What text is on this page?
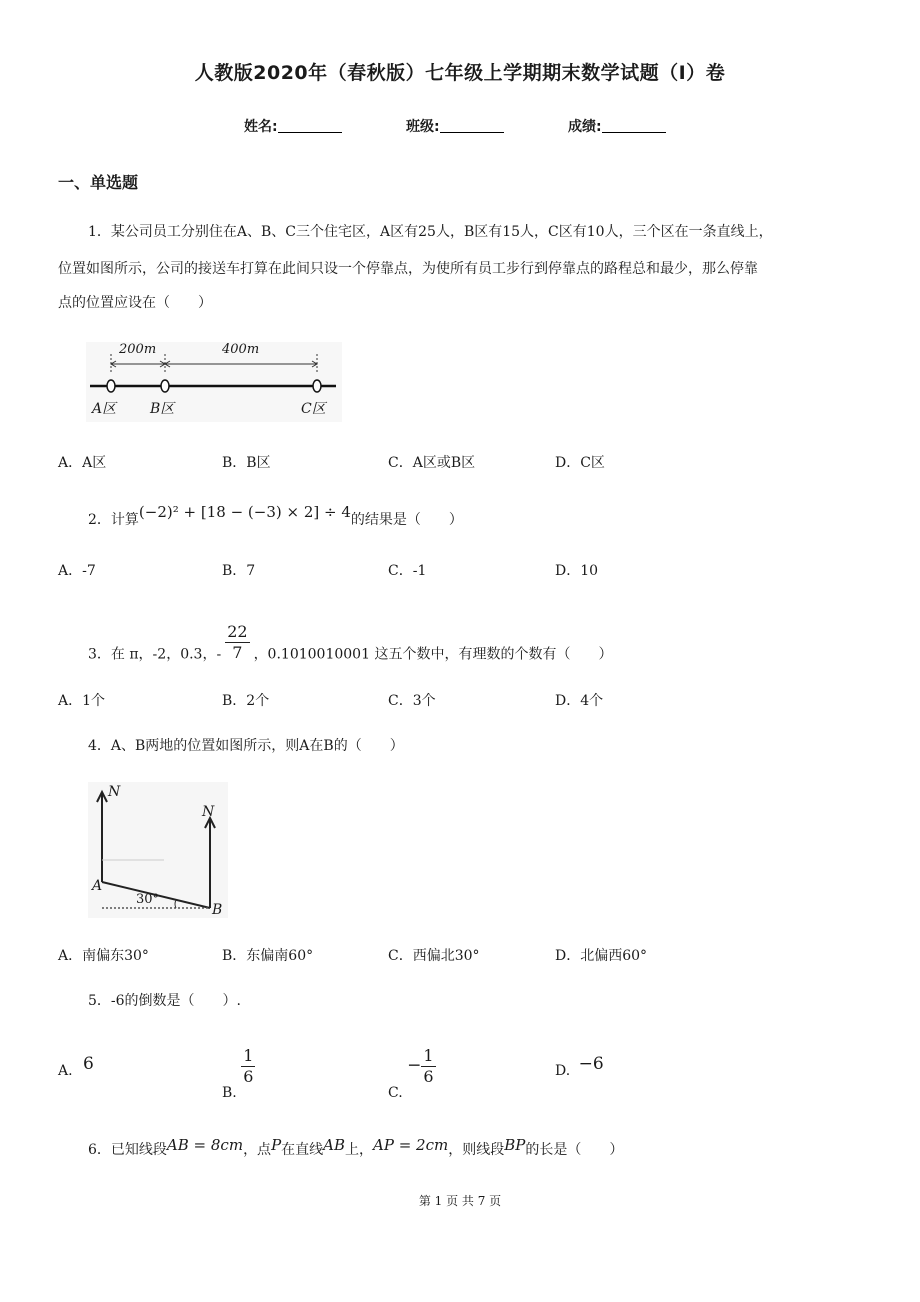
人教版2020年（春秋版）七年级上学期期末数学试题（I）卷
姓名:	班级:	成绩:
一、单选题
1．某公司员工分别住在A、B、C三个住宅区，A区有25人，B区有15人，C区有10人，三个区在一条直线上，
位置如图所示，公司的接送车打算在此间只设一个停靠点，为使所有员工步行到停靠点的路程总和最少，那么停靠
点的位置应设在（　　）
200m	400m
A区 B区	C区
A．A区	B．B区	C．A区或B区	D．C区
2．计算(−2)² + [18 − (−3) × 2] ÷ 4的结果是（　　）
A．-7	B．7	C．-1	D．10
3．在 π，-2，0.3，- $\frac{22}{7}$ ，0.1010010001 这五个数中，有理数的个数有（　　）
A．1个	B．2个	C．3个	D．4个
4．A、B两地的位置如图所示，则A在B的（　　）
N
N
A
B
30°
A．南偏东30°	B．东偏南60°	C．西偏北30°	D．北偏西60°
5．-6的倒数是（　　）.
A. 6
B.
$\frac{1}{6}$
C. − $\frac{1}{6}$	D. −6
6．已知线段AB = 8cm，点P在直线AB上，AP = 2cm，则线段BP的长是（　　）
第 1 页 共 7 页
